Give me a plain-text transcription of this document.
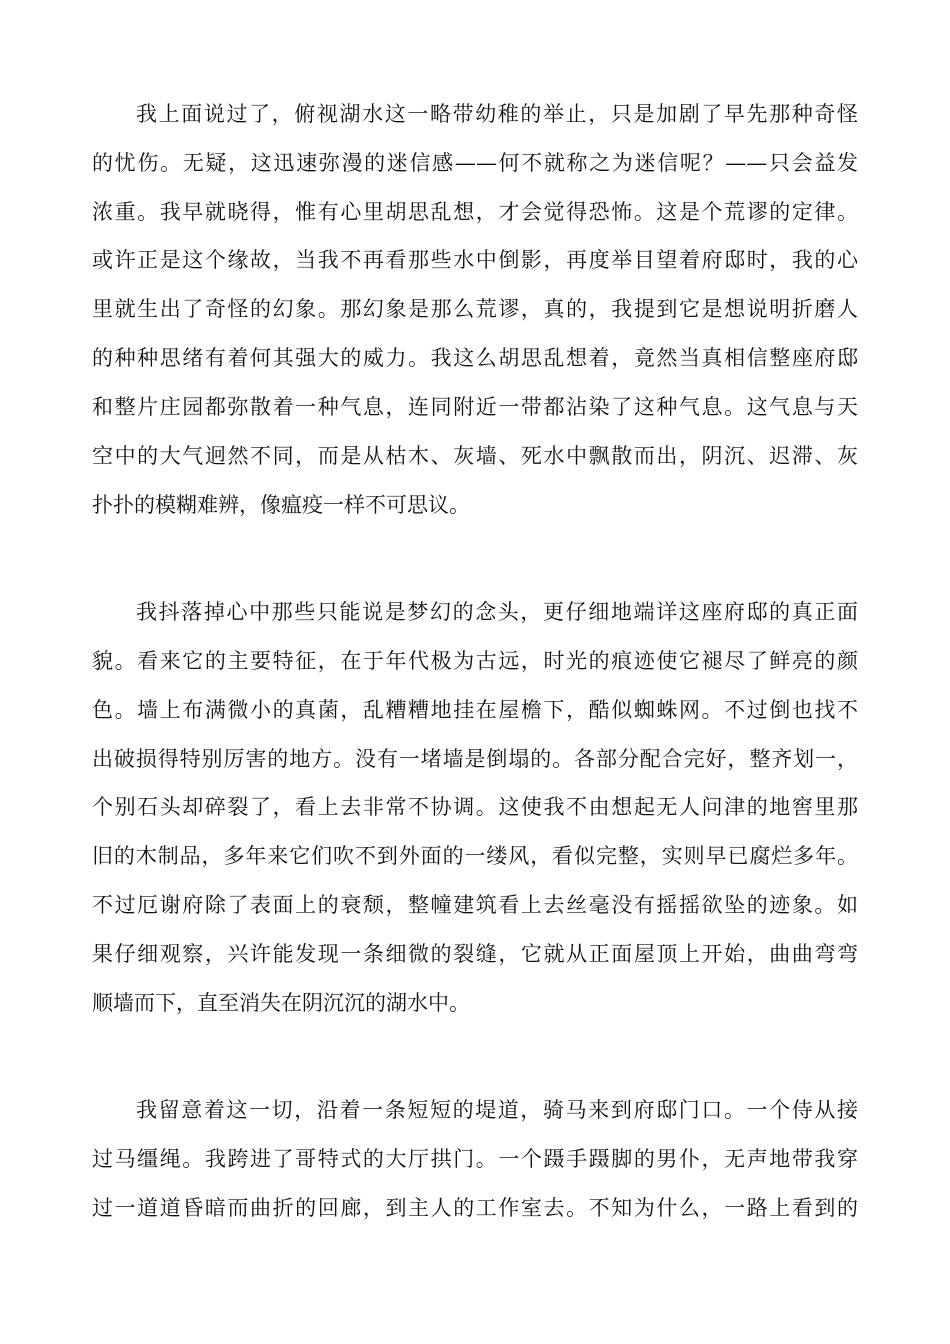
我上面说过了，俯视湖水这一略带幼稚的举止，只是加剧了早先那种奇怪
的忧伤。无疑，这迅速弥漫的迷信感——何不就称之为迷信呢？——只会益发
浓重。我早就晓得，惟有心里胡思乱想，才会觉得恐怖。这是个荒谬的定律。
或许正是这个缘故，当我不再看那些水中倒影，再度举目望着府邸时，我的心
里就生出了奇怪的幻象。那幻象是那么荒谬，真的，我提到它是想说明折磨人
的种种思绪有着何其强大的威力。我这么胡思乱想着，竟然当真相信整座府邸
和整片庄园都弥散着一种气息，连同附近一带都沾染了这种气息。这气息与天
空中的大气迥然不同，而是从枯木、灰墙、死水中飘散而出，阴沉、迟滞、灰
扑扑的模糊难辨，像瘟疫一样不可思议。
我抖落掉心中那些只能说是梦幻的念头，更仔细地端详这座府邸的真正面
貌。看来它的主要特征，在于年代极为古远，时光的痕迹使它褪尽了鲜亮的颜
色。墙上布满微小的真菌，乱糟糟地挂在屋檐下，酷似蜘蛛网。不过倒也找不
出破损得特别厉害的地方。没有一堵墙是倒塌的。各部分配合完好，整齐划一，
个别石头却碎裂了，看上去非常不协调。这使我不由想起无人问津的地窖里那
旧的木制品，多年来它们吹不到外面的一缕风，看似完整，实则早已腐烂多年。
不过厄谢府除了表面上的衰颓，整幢建筑看上去丝毫没有摇摇欲坠的迹象。如
果仔细观察，兴许能发现一条细微的裂缝，它就从正面屋顶上开始，曲曲弯弯
顺墙而下，直至消失在阴沉沉的湖水中。
我留意着这一切，沿着一条短短的堤道，骑马来到府邸门口。一个侍从接
过马缰绳。我跨进了哥特式的大厅拱门。一个蹑手蹑脚的男仆，无声地带我穿
过一道道昏暗而曲折的回廊，到主人的工作室去。不知为什么，一路上看到的
